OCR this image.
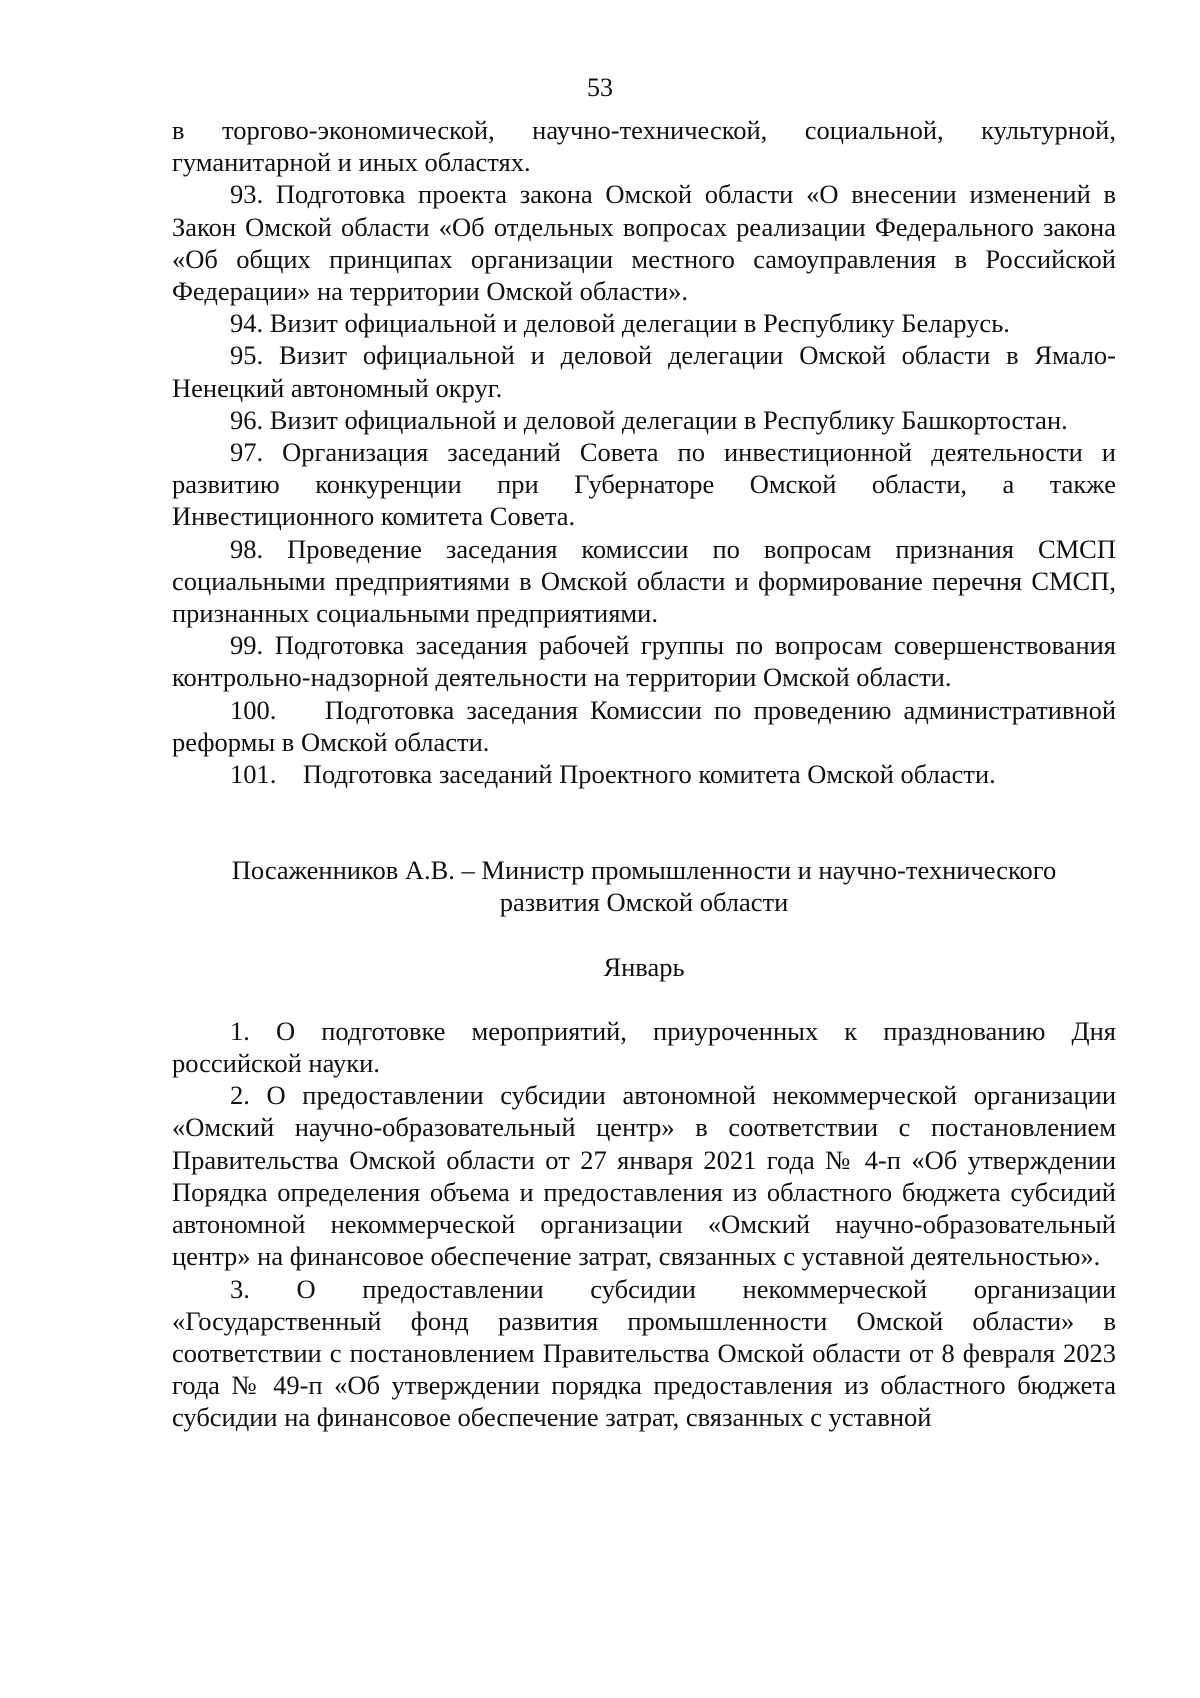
53

в торгово-экономической, научно-технической, социальной, культурной, гуманитарной и иных областях.

93. Подготовка проекта закона Омской области «О внесении изменений в Закон Омской области «Об отдельных вопросах реализации Федерального закона «Об общих принципах организации местного самоуправления в Российской Федерации» на территории Омской области».

94. Визит официальной и деловой делегации в Республику Беларусь.

95. Визит официальной и деловой делегации Омской области в Ямало-Ненецкий автономный округ.

96. Визит официальной и деловой делегации в Республику Башкортостан.

97. Организация заседаний Совета по инвестиционной деятельности и развитию конкуренции при Губернаторе Омской области, а также Инвестиционного комитета Совета.

98. Проведение заседания комиссии по вопросам признания СМСП социальными предприятиями в Омской области и формирование перечня СМСП, признанных социальными предприятиями.

99. Подготовка заседания рабочей группы по вопросам совершенствования контрольно-надзорной деятельности на территории Омской области.

100.    Подготовка заседания Комиссии по проведению административной реформы в Омской области.

101.    Подготовка заседаний Проектного комитета Омской области.

Посаженников А.В. – Министр промышленности и научно-технического

развития Омской области

Январь

1. О подготовке мероприятий, приуроченных к празднованию Дня российской науки.

2. О предоставлении субсидии автономной некоммерческой организации «Омский научно-образовательный центр» в соответствии с постановлением Правительства Омской области от 27 января 2021 года № 4-п «Об утверждении Порядка определения объема и предоставления из областного бюджета субсидий автономной некоммерческой организации «Омский научно-образовательный центр» на финансовое обеспечение затрат, связанных с уставной деятельностью».

3. О предоставлении субсидии некоммерческой организации «Государственный фонд развития промышленности Омской области» в соответствии с постановлением Правительства Омской области от 8 февраля 2023 года № 49-п «Об утверждении порядка предоставления из областного бюджета субсидии на финансовое обеспечение затрат, связанных с уставной
